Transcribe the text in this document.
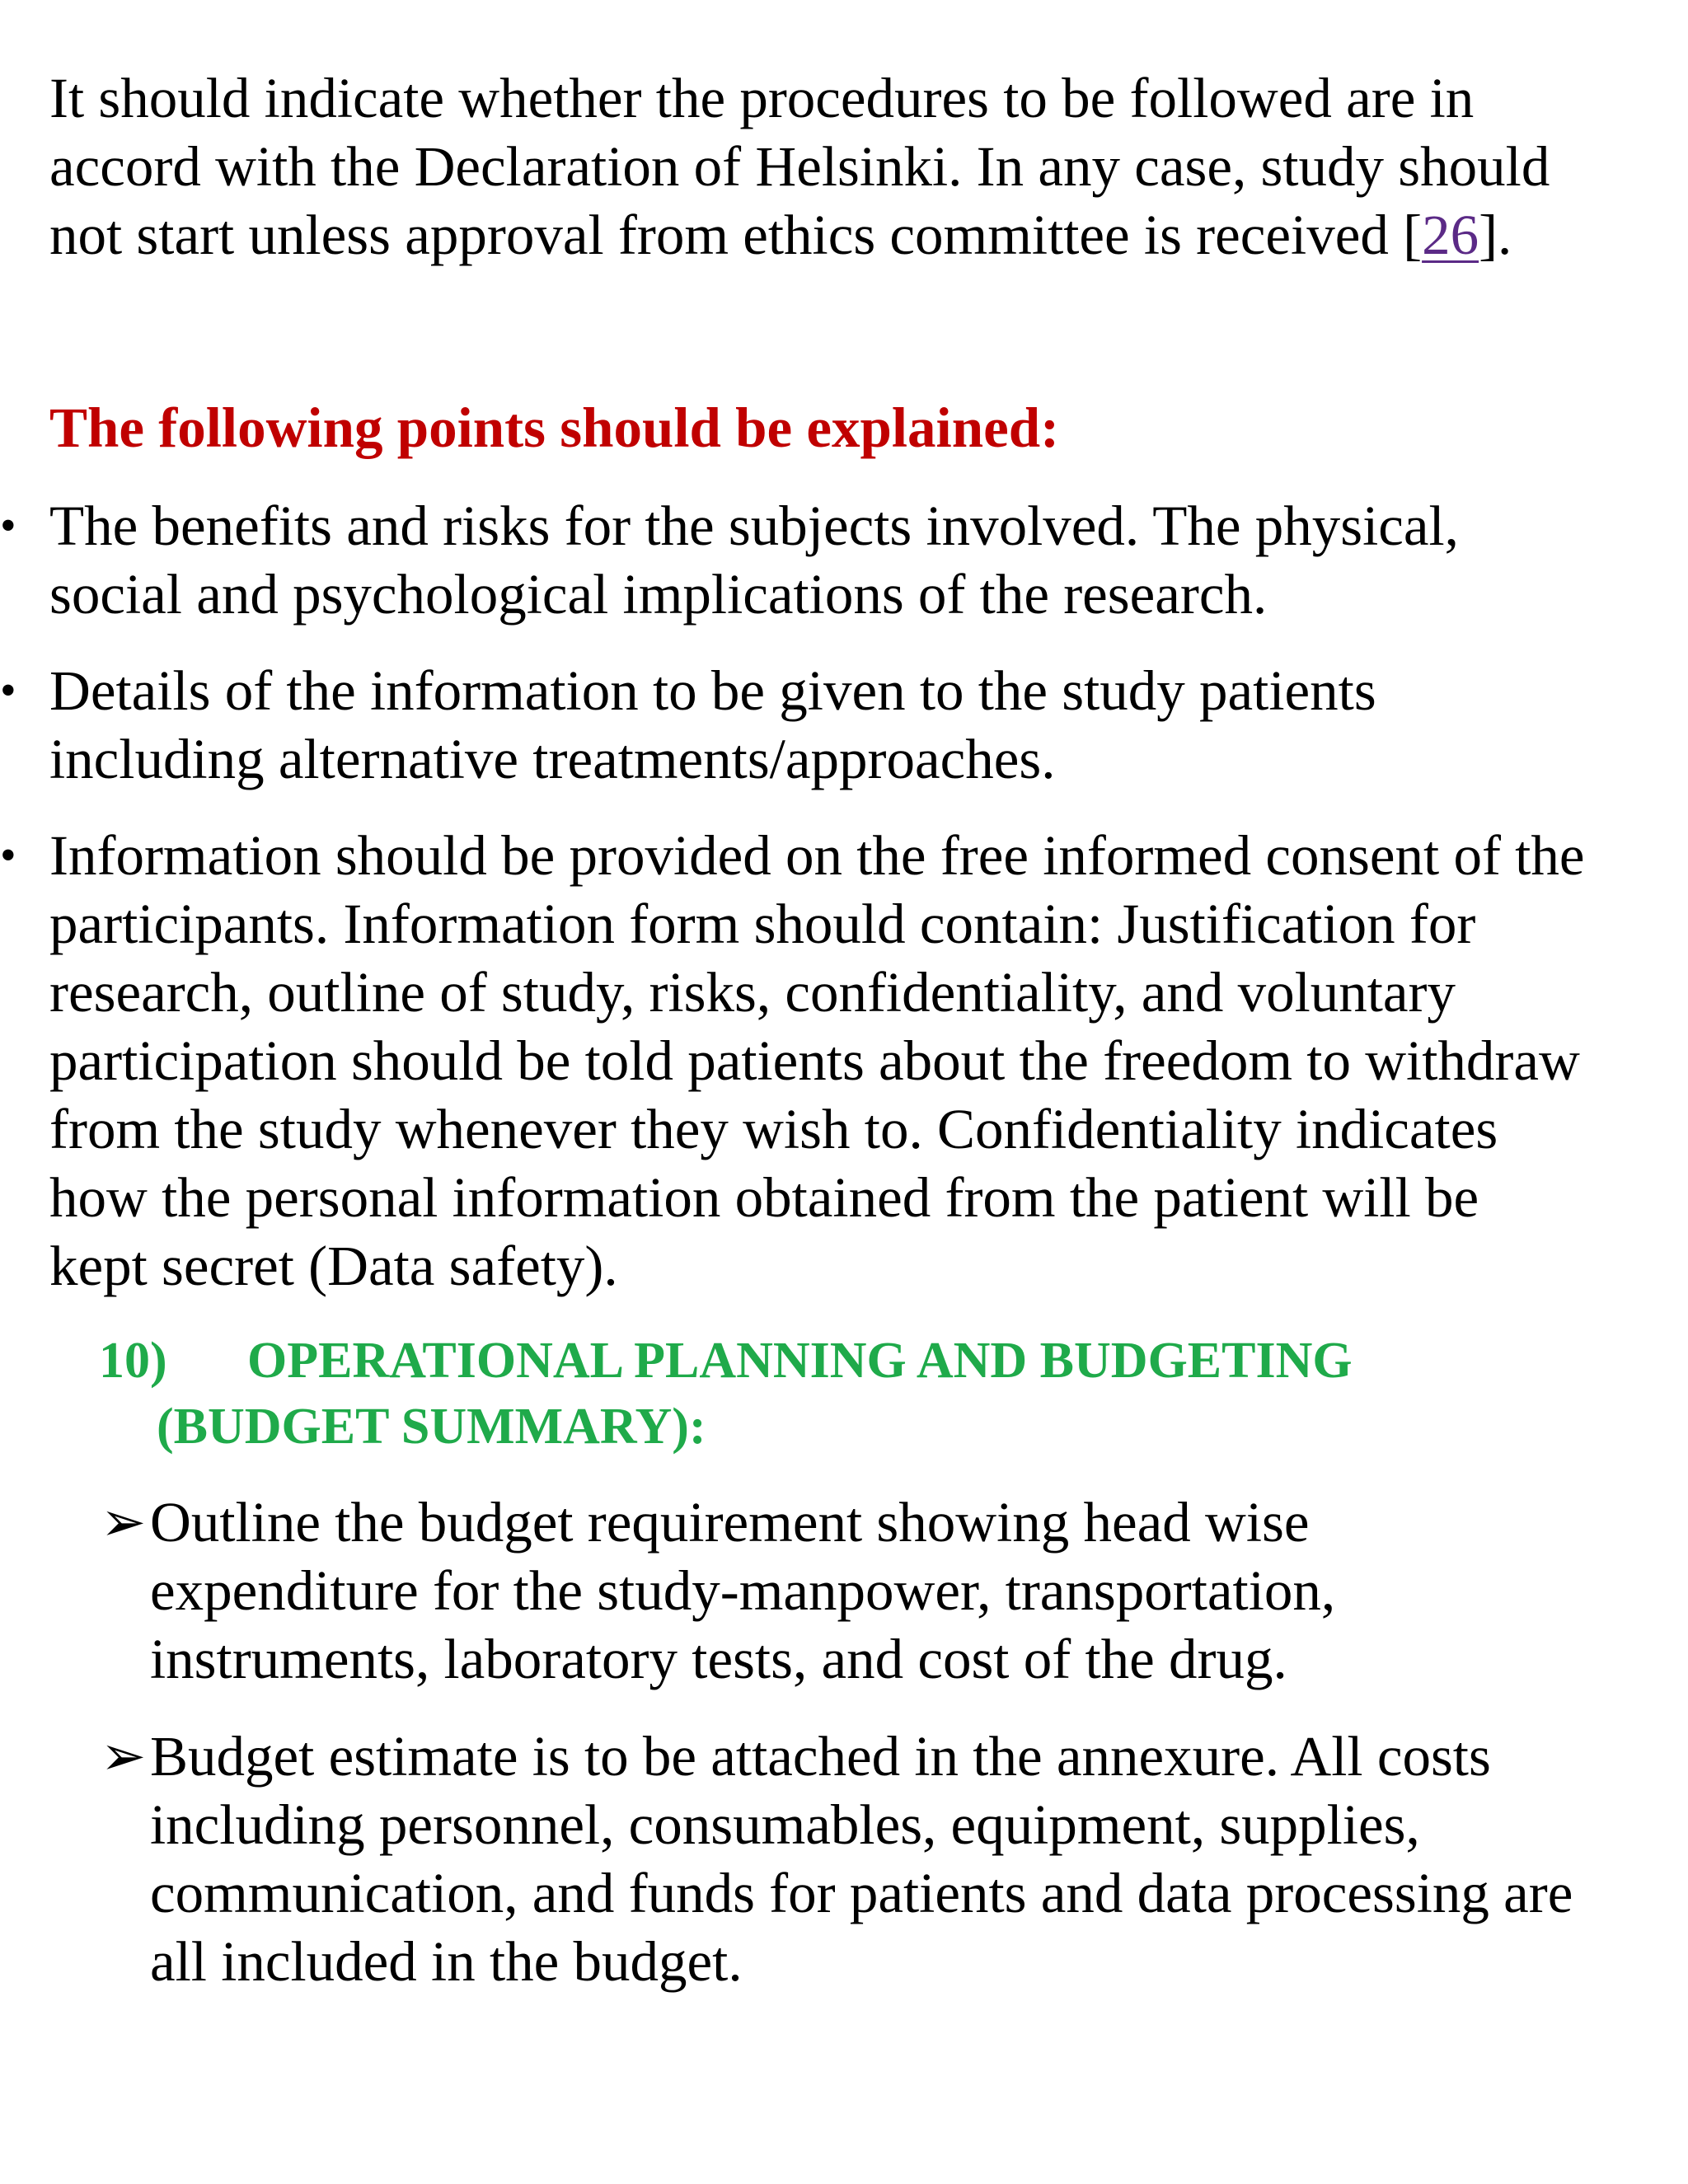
It should indicate whether the procedures to be followed are in
accord with the Declaration of Helsinki. In any case, study should
not start unless approval from ethics committee is received [26].
The following points should be explained:
• The benefits and risks for the subjects involved. The physical,
social and psychological implications of the research.
• Details of the information to be given to the study patients
including alternative treatments/approaches.
• Information should be provided on the free informed consent of the
participants. Information form should contain: Justification for
research, outline of study, risks, confidentiality, and voluntary
participation should be told patients about the freedom to withdraw
from the study whenever they wish to. Confidentiality indicates
how the personal information obtained from the patient will be
kept secret (Data safety).
10) OPERATIONAL PLANNING AND BUDGETING
(BUDGET SUMMARY):
➢ Outline the budget requirement showing head wise
expenditure for the study-manpower, transportation,
instruments, laboratory tests, and cost of the drug.
➢ Budget estimate is to be attached in the annexure. All costs
including personnel, consumables, equipment, supplies,
communication, and funds for patients and data processing are
all included in the budget.
